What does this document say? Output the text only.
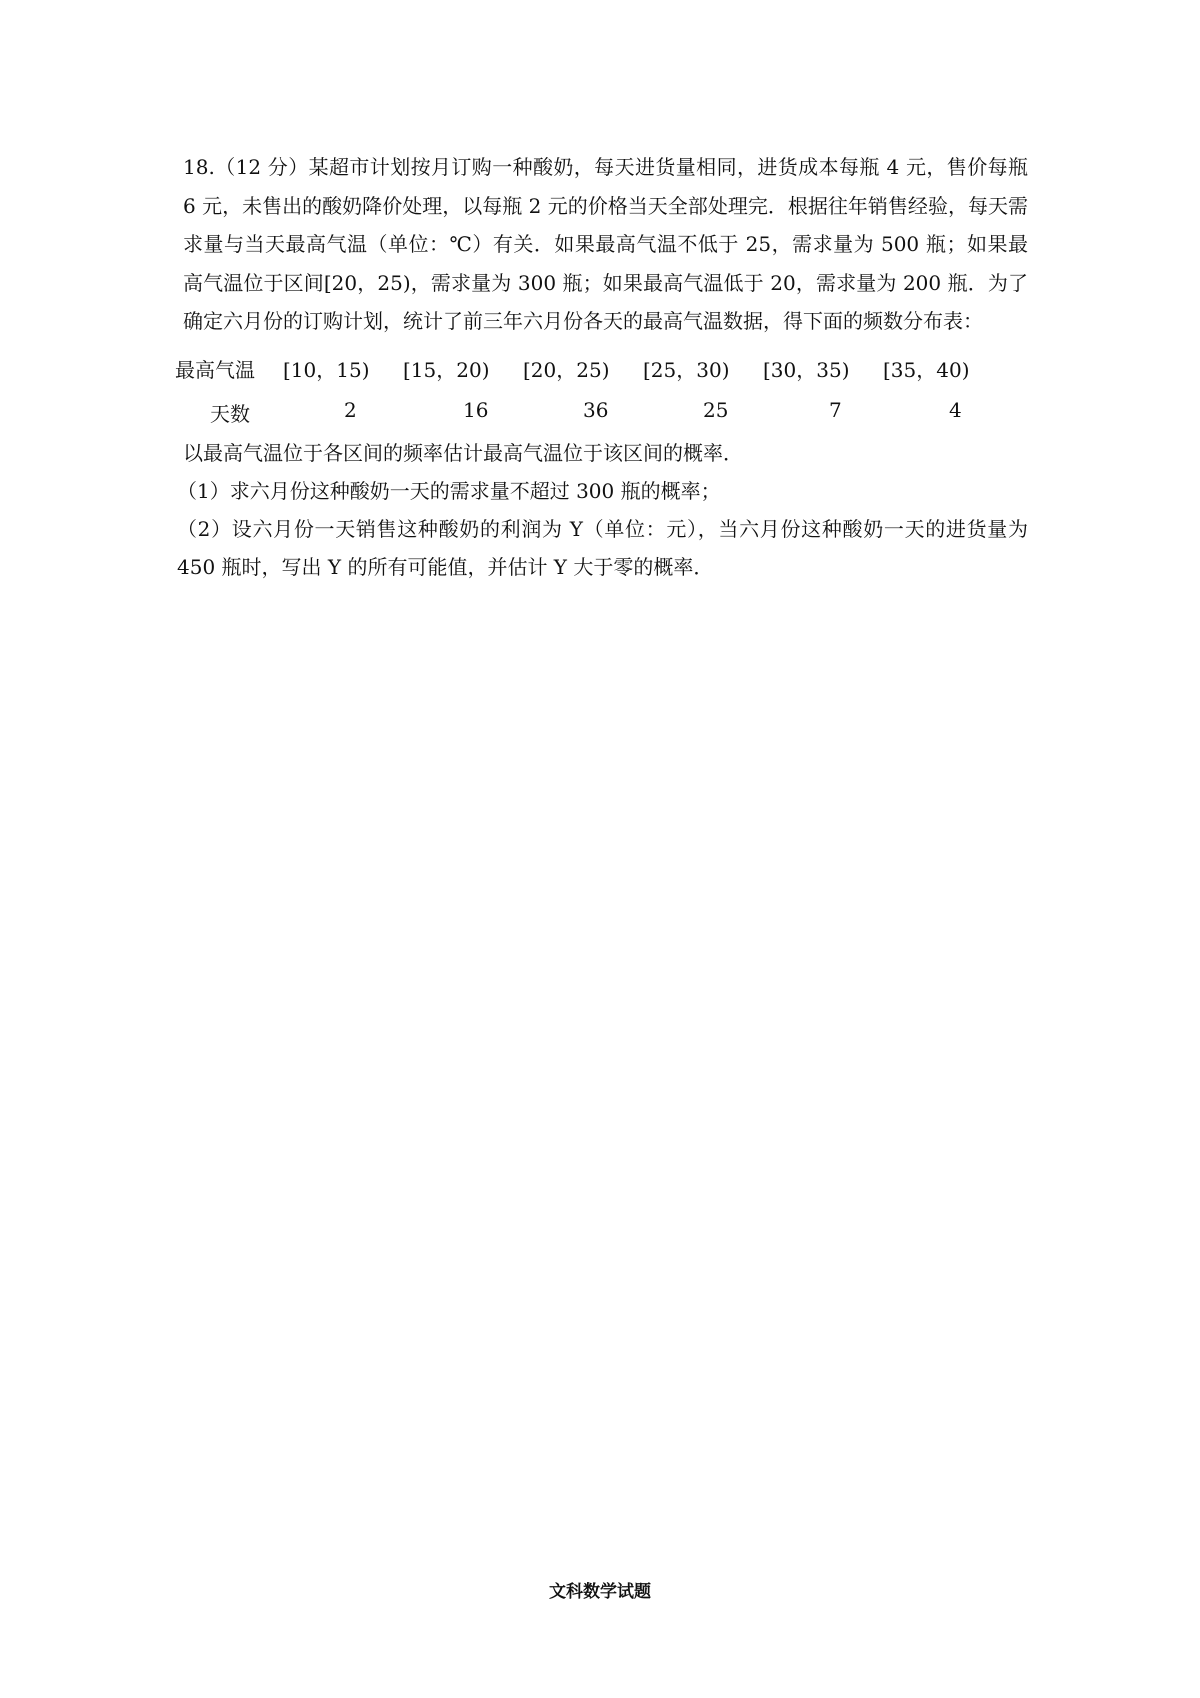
18.（12 分）某超市计划按月订购一种酸奶，每天进货量相同，进货成本每瓶 4 元，售价每瓶 6 元，未售出的酸奶降价处理，以每瓶 2 元的价格当天全部处理完．根据往年销售经验，每天需求量与当天最高气温（单位：℃）有关．如果最高气温不低于 25，需求量为 500 瓶；如果最高气温位于区间[20，25)，需求量为 300 瓶；如果最高气温低于 20，需求量为 200 瓶．为了确定六月份的订购计划，统计了前三年六月份各天的最高气温数据，得下面的频数分布表：

最高气温 [10，15) [15，20) [20，25) [25，30) [30，35) [35，40)
天数	2	16	36	25	7	4

以最高气温位于各区间的频率估计最高气温位于该区间的概率．

（1）求六月份这种酸奶一天的需求量不超过 300 瓶的概率；

（2）设六月份一天销售这种酸奶的利润为 Y（单位：元），当六月份这种酸奶一天的进货量为 450 瓶时，写出 Y 的所有可能值，并估计 Y 大于零的概率．

文科数学试题
